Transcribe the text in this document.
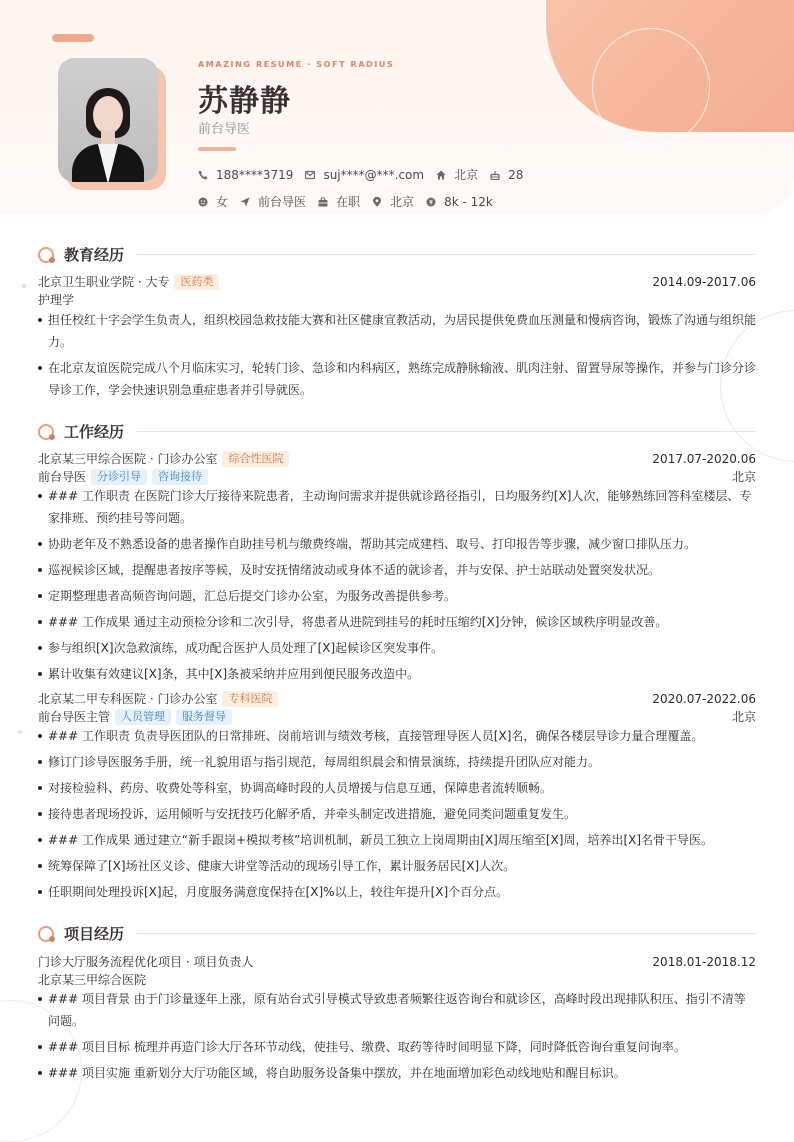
AMAZING RESUME · SOFT RADIUS
苏静静
前台导医
188****3719	suj****@***.com	北京	28
女	前台导医	在职	北京	8k - 12k
教育经历
北京卫生职业学院 · 大专	医药类	2014.09-2017.06
护理学
担任校红十字会学生负责人，组织校园急救技能大赛和社区健康宣教活动，为居民提供免费血压测量和慢病咨询，锻炼了沟通与组织能力。
在北京友谊医院完成八个月临床实习，轮转门诊、急诊和内科病区，熟练完成静脉输液、肌肉注射、留置导尿等操作，并参与门诊分诊导诊工作，学会快速识别急重症患者并引导就医。
工作经历
北京某三甲综合医院 · 门诊办公室	综合性医院	2017.07-2020.06
前台导医	分诊引导	咨询接待	北京
### 工作职责 在医院门诊大厅接待来院患者，主动询问需求并提供就诊路径指引，日均服务约[X]人次，能够熟练回答科室楼层、专家排班、预约挂号等问题。
协助老年及不熟悉设备的患者操作自助挂号机与缴费终端，帮助其完成建档、取号、打印报告等步骤，减少窗口排队压力。
巡视候诊区域，提醒患者按序等候，及时安抚情绪波动或身体不适的就诊者，并与安保、护士站联动处置突发状况。
定期整理患者高频咨询问题，汇总后提交门诊办公室，为服务改善提供参考。
### 工作成果 通过主动预检分诊和二次引导，将患者从进院到挂号的耗时压缩约[X]分钟，候诊区域秩序明显改善。
参与组织[X]次急救演练，成功配合医护人员处理了[X]起候诊区突发事件。
累计收集有效建议[X]条，其中[X]条被采纳并应用到便民服务改造中。
北京某二甲专科医院 · 门诊办公室	专科医院	2020.07-2022.06
前台导医主管	人员管理	服务督导	北京
### 工作职责 负责导医团队的日常排班、岗前培训与绩效考核，直接管理导医人员[X]名，确保各楼层导诊力量合理覆盖。
修订门诊导医服务手册，统一礼貌用语与指引规范，每周组织晨会和情景演练，持续提升团队应对能力。
对接检验科、药房、收费处等科室，协调高峰时段的人员增援与信息互通，保障患者流转顺畅。
接待患者现场投诉，运用倾听与安抚技巧化解矛盾，并牵头制定改进措施，避免同类问题重复发生。
### 工作成果 通过建立“新手跟岗+模拟考核”培训机制，新员工独立上岗周期由[X]周压缩至[X]周，培养出[X]名骨干导医。
统筹保障了[X]场社区义诊、健康大讲堂等活动的现场引导工作，累计服务居民[X]人次。
任职期间处理投诉[X]起，月度服务满意度保持在[X]%以上，较往年提升[X]个百分点。
项目经历
门诊大厅服务流程优化项目 · 项目负责人	2018.01-2018.12
北京某三甲综合医院
### 项目背景 由于门诊量逐年上涨，原有站台式引导模式导致患者频繁往返咨询台和就诊区，高峰时段出现排队积压、指引不清等问题。
### 项目目标 梳理并再造门诊大厅各环节动线，使挂号、缴费、取药等待时间明显下降，同时降低咨询台重复问询率。
### 项目实施 重新划分大厅功能区域，将自助服务设备集中摆放，并在地面增加彩色动线地贴和醒目标识。
